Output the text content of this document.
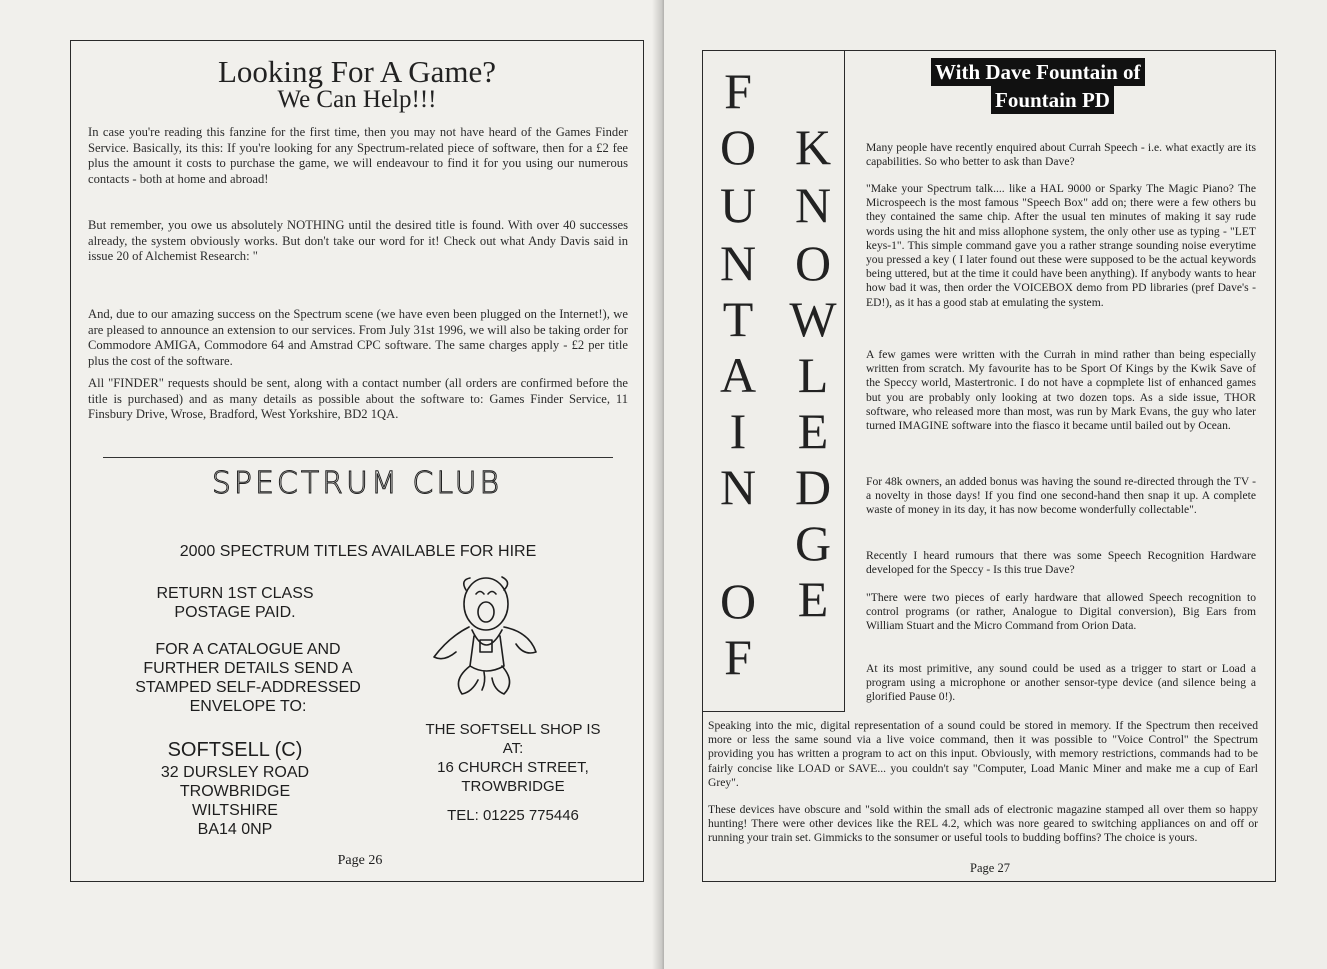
Looking For A Game?
We Can Help!!!

In case you're reading this fanzine for the first time, then you may not have heard of the Games Finder Service. Basically, its this: If you're looking for any Spectrum-related piece of software, then for a £2 fee plus the amount it costs to purchase the game, we will endeavour to find it for you using our numerous contacts - both at home and abroad!

But remember, you owe us absolutely NOTHING until the desired title is found. With over 40 successes already, the system obviously works. But don't take our word for it! Check out what Andy Davis said in issue 20 of Alchemist Research: "

And, due to our amazing success on the Spectrum scene (we have even been plugged on the Internet!), we are pleased to announce an extension to our services. From July 31st 1996, we will also be taking order for Commodore AMIGA, Commodore 64 and Amstrad CPC software. The same charges apply - £2 per title plus the cost of the software.

All "FINDER" requests should be sent, along with a contact number (all orders are confirmed before the title is purchased) and as many details as possible about the software to: Games Finder Service, 11 Finsbury Drive, Wrose, Bradford, West Yorkshire, BD2 1QA.

SPECTRUM CLUB
2000 SPECTRUM TITLES AVAILABLE FOR HIRE
RETURN 1ST CLASS
POSTAGE PAID.
FOR A CATALOGUE AND
FURTHER DETAILS SEND A
STAMPED SELF-ADDRESSED
ENVELOPE TO:
SOFTSELL (C)
32 DURSLEY ROAD
TROWBRIDGE
WILTSHIRE
BA14 0NP
THE SOFTSELL SHOP IS
AT:
16 CHURCH STREET,
TROWBRIDGE
TEL: 01225 775446
Page 26
F
O
U
N
T
A
I
N
O
F
K
N
O
W
L
E
D
G
E
With Dave Fountain of
Fountain PD

Many people have recently enquired about Currah Speech - i.e. what exactly are its capabilities. So who better to ask than Dave?

"Make your Spectrum talk.... like a HAL 9000 or Sparky The Magic Piano? The Microspeech is the most famous "Speech Box" add on; there were a few others bu they contained the same chip. After the usual ten minutes of making it say rude words using the hit and miss allophone system, the only other use as typing - "LET keys-1". This simple command gave you a rather strange sounding noise everytime you pressed a key ( I later found out these were supposed to be the actual keywords being uttered, but at the time it could have been anything). If anybody wants to hear how bad it was, then order the VOICEBOX demo from PD libraries (pref Dave's - ED!), as it has a good stab at emulating the system.

A few games were written with the Currah in mind rather than being especially written from scratch. My favourite has to be Sport Of Kings by the Kwik Save of the Speccy world, Mastertronic. I do not have a copmplete list of enhanced games but you are probably only looking at two dozen tops. As a side issue, THOR software, who released more than most, was run by Mark Evans, the guy who later turned IMAGINE software into the fiasco it became until bailed out by Ocean.

For 48k owners, an added bonus was having the sound re-directed through the TV - a novelty in those days! If you find one second-hand then snap it up. A complete waste of money in its day, it has now become wonderfully collectable".

Recently I heard rumours that there was some Speech Recognition Hardware developed for the Speccy - Is this true Dave?

"There were two pieces of early hardware that allowed Speech recognition to control programs (or rather, Analogue to Digital conversion), Big Ears from William Stuart and the Micro Command from Orion Data.

At its most primitive, any sound could be used as a trigger to start or Load a program using a microphone or another sensor-type device (and silence being a glorified Pause 0!).

Speaking into the mic, digital representation of a sound could be stored in memory. If the Spectrum then received more or less the same sound via a live voice command, then it was possible to "Voice Control" the Spectrum providing you has written a program to act on this input. Obviously, with memory restrictions, commands had to be fairly concise like LOAD or SAVE... you couldn't say "Computer, Load Manic Miner and make me a cup of Earl Grey".

These devices have obscure and "sold within the small ads of electronic magazine stamped all over them so happy hunting! There were other devices like the REL 4.2, which was nore geared to switching appliances on and off or running your train set. Gimmicks to the sonsumer or useful tools to budding boffins? The choice is yours.

Page 27
